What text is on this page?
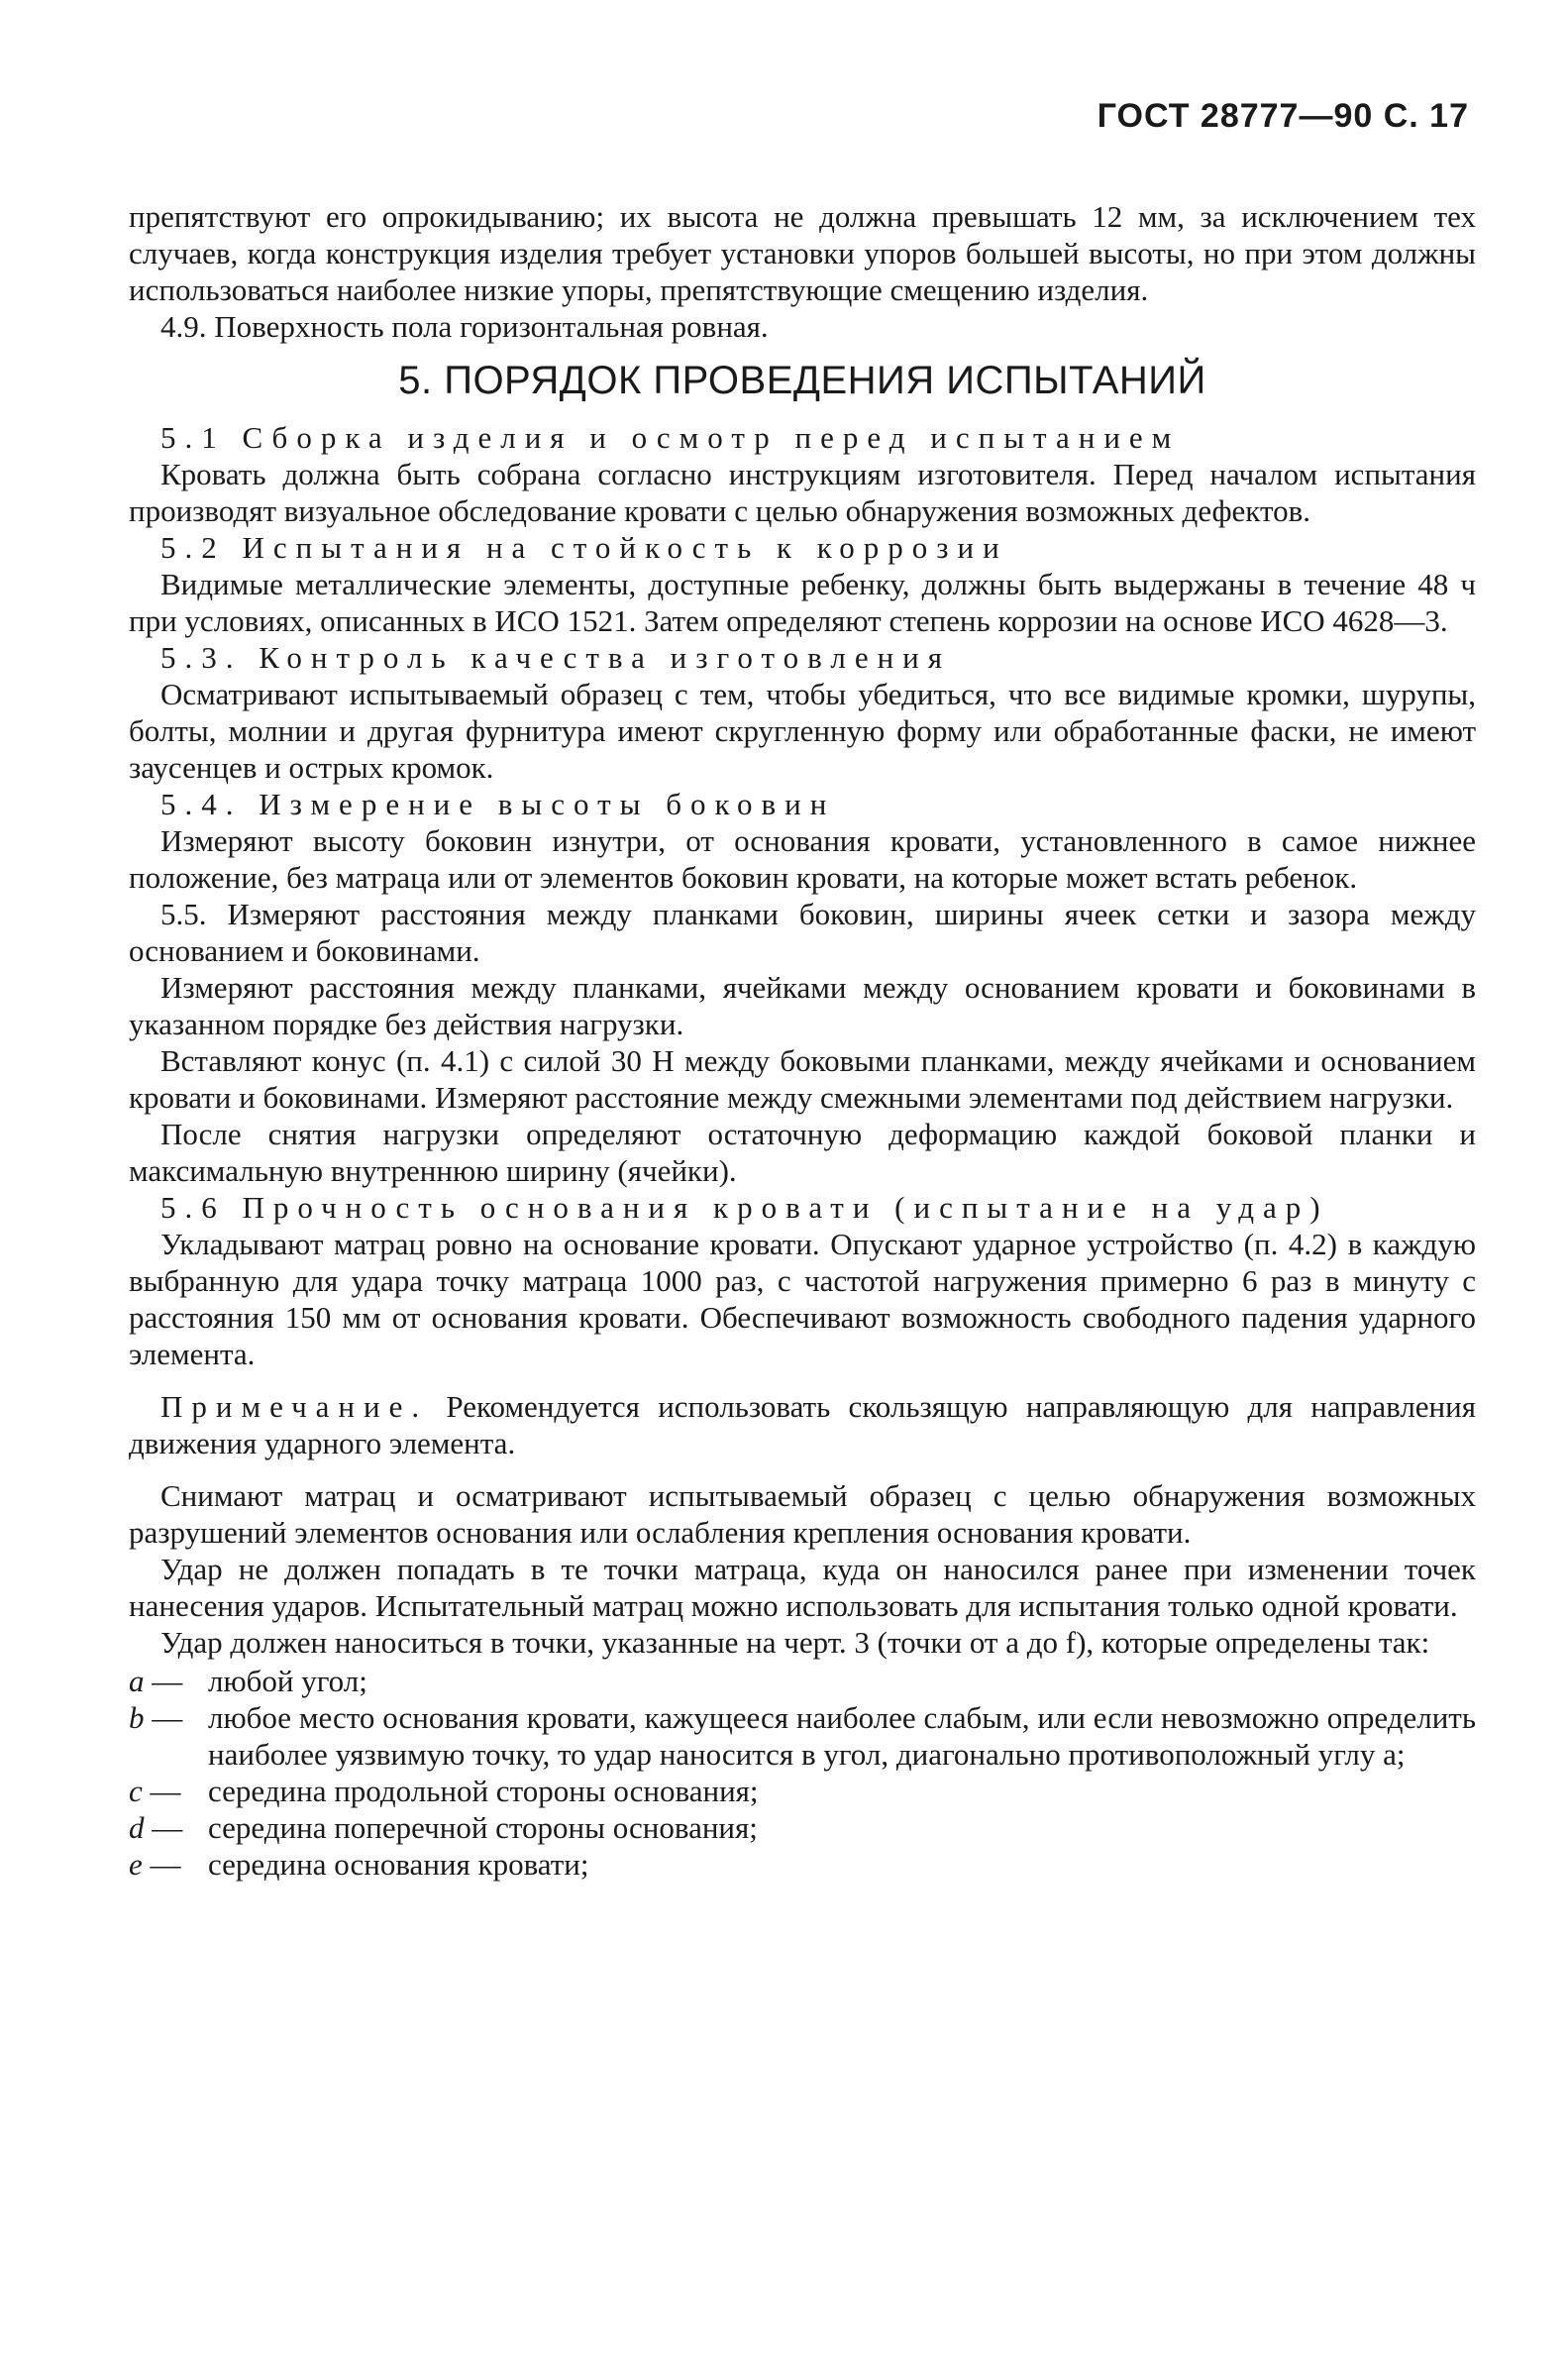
ГОСТ 28777—90 С. 17

препятствуют его опрокидыванию; их высота не должна превышать 12 мм, за исключением тех случаев, когда конструкция изделия требует установки упоров большей высоты, но при этом должны использоваться наиболее низкие упоры, препятствующие смещению изделия.

4.9. Поверхность пола горизонтальная ровная.

5. ПОРЯДОК ПРОВЕДЕНИЯ ИСПЫТАНИЙ

5.1 Сборка изделия и осмотр перед испытанием

Кровать должна быть собрана согласно инструкциям изготовителя. Перед началом испытания производят визуальное обследование кровати с целью обнаружения возможных дефектов.

5.2 Испытания на стойкость к коррозии

Видимые металлические элементы, доступные ребенку, должны быть выдержаны в течение 48 ч при условиях, описанных в ИСО 1521. Затем определяют степень коррозии на основе ИСО 4628—3.

5.3. Контроль качества изготовления

Осматривают испытываемый образец с тем, чтобы убедиться, что все видимые кромки, шурупы, болты, молнии и другая фурнитура имеют скругленную форму или обработанные фаски, не имеют заусенцев и острых кромок.

5.4. Измерение высоты боковин

Измеряют высоту боковин изнутри, от основания кровати, установленного в самое нижнее положение, без матраца или от элементов боковин кровати, на которые может встать ребенок.

5.5. Измеряют расстояния между планками боковин, ширины ячеек сетки и зазора между основанием и боковинами.

Измеряют расстояния между планками, ячейками между основанием кровати и боковинами в указанном порядке без действия нагрузки.

Вставляют конус (п. 4.1) с силой 30 Н между боковыми планками, между ячейками и основанием кровати и боковинами. Измеряют расстояние между смежными элементами под действием нагрузки.

После снятия нагрузки определяют остаточную деформацию каждой боковой планки и максимальную внутреннюю ширину (ячейки).

5.6 Прочность основания кровати (испытание на удар)

Укладывают матрац ровно на основание кровати. Опускают ударное устройство (п. 4.2) в каждую выбранную для удара точку матраца 1000 раз, с частотой нагружения примерно 6 раз в минуту с расстояния 150 мм от основания кровати. Обеспечивают возможность свободного падения ударного элемента.

Примечание. Рекомендуется использовать скользящую направляющую для направления движения ударного элемента.

Снимают матрац и осматривают испытываемый образец с целью обнаружения возможных разрушений элементов основания или ослабления крепления основания кровати.

Удар не должен попадать в те точки матраца, куда он наносился ранее при изменении точек нанесения ударов. Испытательный матрац можно использовать для испытания только одной кровати.

Удар должен наноситься в точки, указанные на черт. 3 (точки от a до f), которые определены так:

a — любой угол;
b — любое место основания кровати, кажущееся наиболее слабым, или если невозможно определить наиболее уязвимую точку, то удар наносится в угол, диагонально противоположный углу a;
c — середина продольной стороны основания;
d — середина поперечной стороны основания;
e — середина основания кровати;
